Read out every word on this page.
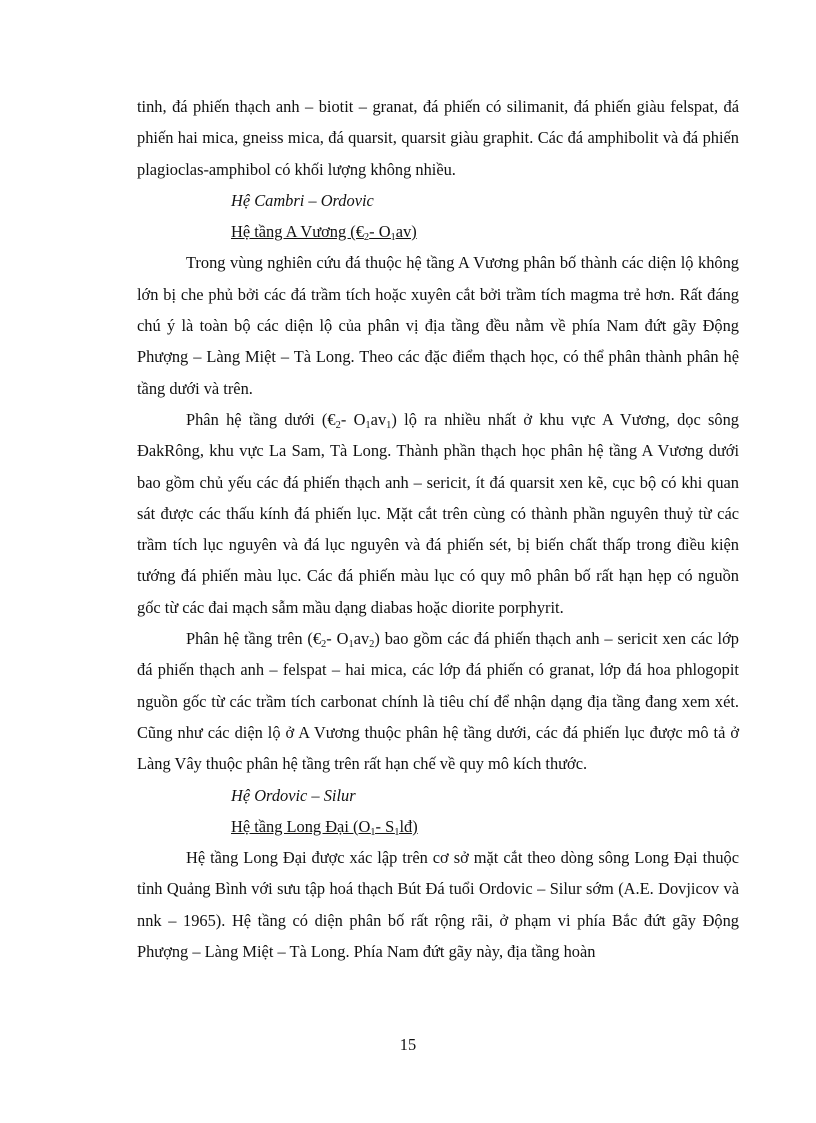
tinh, đá phiến thạch anh – biotit – granat, đá phiến có silimanit, đá phiến giàu felspat, đá phiến hai mica, gneiss mica, đá quarsit, quarsit giàu graphit. Các đá amphibolit và đá phiến plagioclas-amphibol có khối lượng không nhiều.

Hệ Cambri – Ordovic

Hệ tầng A Vương ($€_2-$ $O_1av$)

Trong vùng nghiên cứu đá thuộc hệ tầng A Vương phân bố thành các diện lộ không lớn bị che phủ bởi các đá trầm tích hoặc xuyên cắt bởi trầm tích magma trẻ hơn. Rất đáng chú ý là toàn bộ các diện lộ của phân vị địa tầng đều nằm về phía Nam đứt gãy Động Phượng – Làng Miệt – Tà Long. Theo các đặc điểm thạch học, có thể phân thành phân hệ tầng dưới và trên.

Phân hệ tầng dưới ($€_2-$ $O_1av_1$) lộ ra nhiều nhất ở khu vực A Vương, dọc sông ĐakRông, khu vực La Sam, Tà Long. Thành phần thạch học phân hệ tầng A Vương dưới bao gồm chủ yếu các đá phiến thạch anh – sericit, ít đá quarsit xen kẽ, cục bộ có khi quan sát được các thấu kính đá phiến lục. Mặt cắt trên cùng có thành phần nguyên thuỷ từ các trầm tích lục nguyên và đá lục nguyên và đá phiến sét, bị biến chất thấp trong điều kiện tướng đá phiến màu lục. Các đá phiến màu lục có quy mô phân bố rất hạn hẹp có nguồn gốc từ các đai mạch sẫm mầu dạng diabas hoặc diorite porphyrit.

Phân hệ tầng trên ($€_2-$ $O_1av_2$) bao gồm các đá phiến thạch anh – sericit xen các lớp đá phiến thạch anh – felspat – hai mica, các lớp đá phiến có granat, lớp đá hoa phlogopit nguồn gốc từ các trầm tích carbonat chính là tiêu chí để nhận dạng địa tầng đang xem xét. Cũng như các diện lộ ở A Vương thuộc phân hệ tầng dưới, các đá phiến lục được mô tả ở Làng Vây thuộc phân hệ tầng trên rất hạn chế về quy mô kích thước.

Hệ Ordovic – Silur

Hệ tầng Long Đại ($O_1-$ $S_1lđ$)

Hệ tầng Long Đại được xác lập trên cơ sở mặt cắt theo dòng sông Long Đại thuộc tỉnh Quảng Bình với sưu tập hoá thạch Bút Đá tuổi Ordovic – Silur sớm (A.E. Dovjicov và nnk – 1965). Hệ tầng có diện phân bố rất rộng rãi, ở phạm vi phía Bắc đứt gãy Động Phượng – Làng Miệt – Tà Long. Phía Nam đứt gãy này, địa tầng hoàn

15
